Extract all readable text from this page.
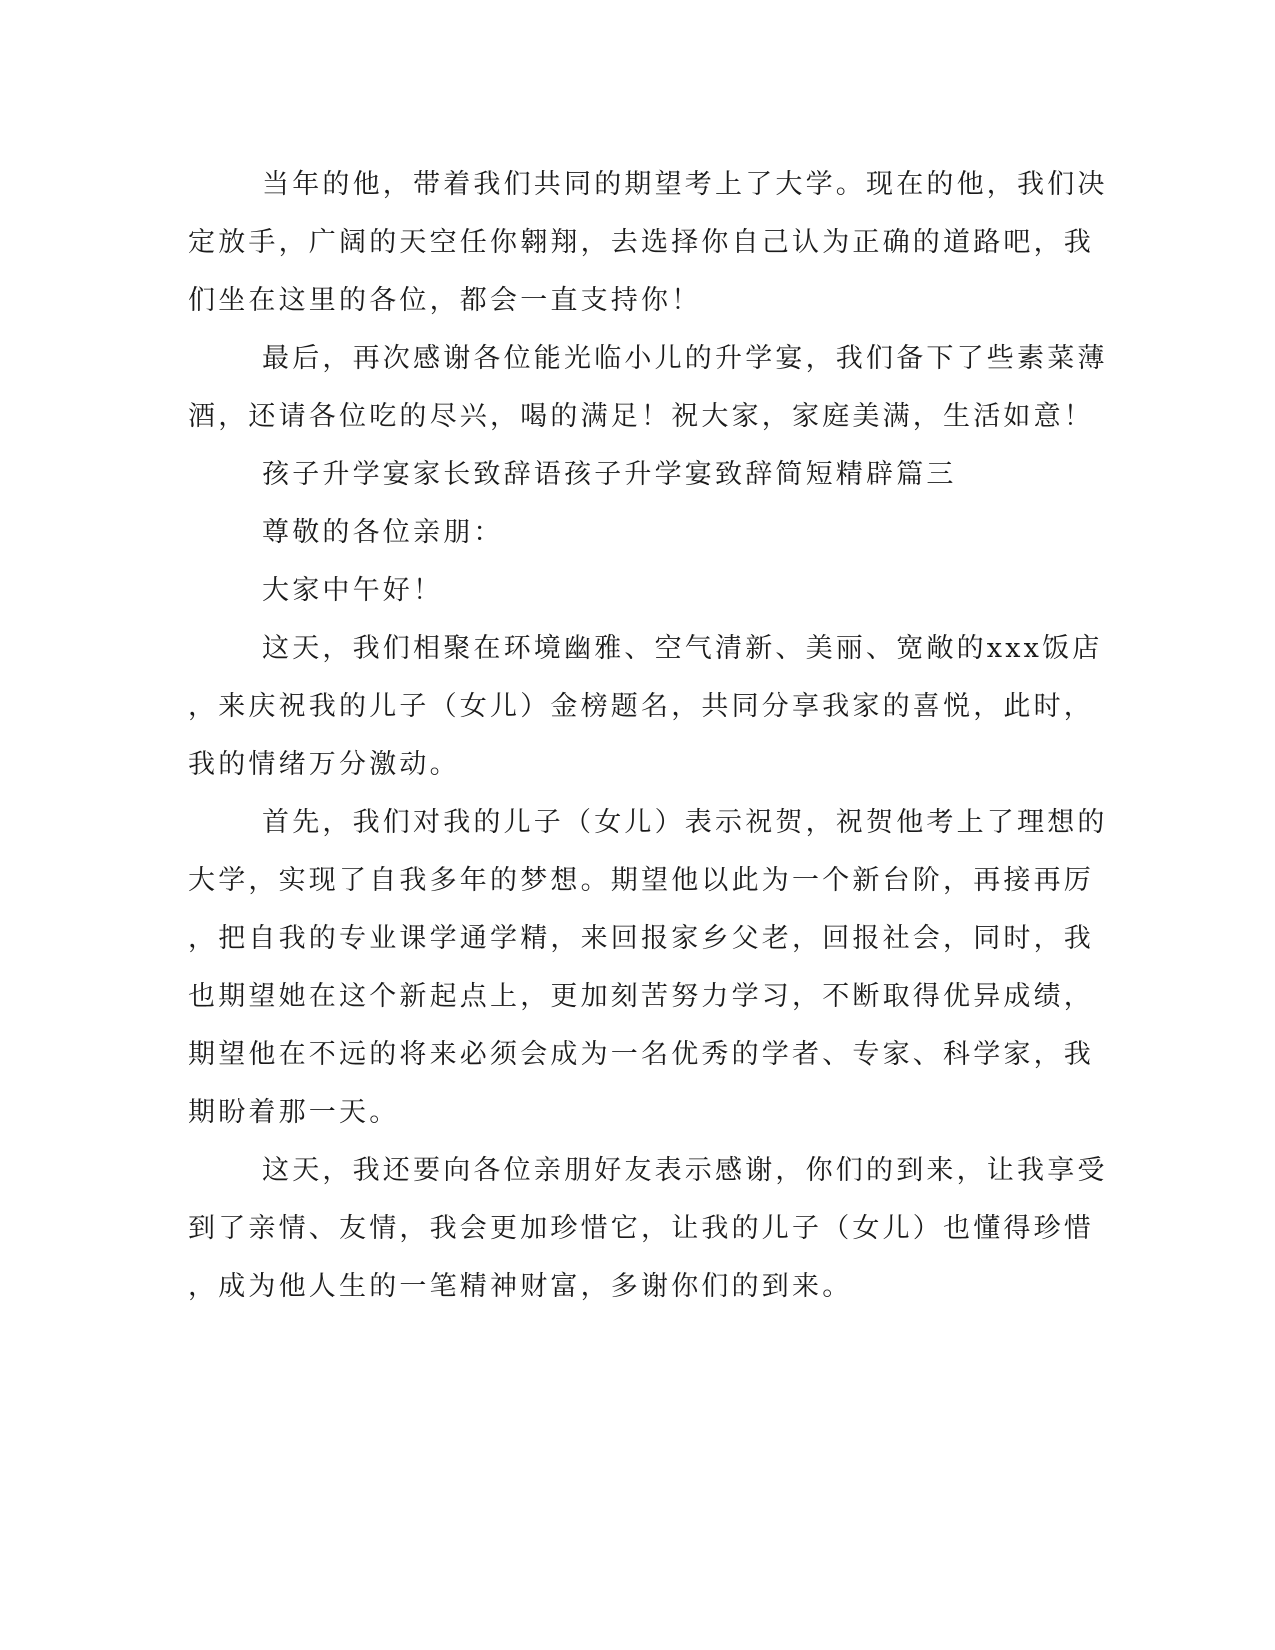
当年的他，带着我们共同的期望考上了大学。现在的他，我们决
定放手，广阔的天空任你翱翔，去选择你自己认为正确的道路吧，我
们坐在这里的各位，都会一直支持你！
最后，再次感谢各位能光临小儿的升学宴，我们备下了些素菜薄
酒，还请各位吃的尽兴，喝的满足！祝大家，家庭美满，生活如意！
孩子升学宴家长致辞语孩子升学宴致辞简短精辟篇三
尊敬的各位亲朋：
大家中午好！
这天，我们相聚在环境幽雅、空气清新、美丽、宽敞的xxx饭店
，来庆祝我的儿子（女儿）金榜题名，共同分享我家的喜悦，此时，
我的情绪万分激动。
首先，我们对我的儿子（女儿）表示祝贺，祝贺他考上了理想的
大学，实现了自我多年的梦想。期望他以此为一个新台阶，再接再厉
，把自我的专业课学通学精，来回报家乡父老，回报社会，同时，我
也期望她在这个新起点上，更加刻苦努力学习，不断取得优异成绩，
期望他在不远的将来必须会成为一名优秀的学者、专家、科学家，我
期盼着那一天。
这天，我还要向各位亲朋好友表示感谢，你们的到来，让我享受
到了亲情、友情，我会更加珍惜它，让我的儿子（女儿）也懂得珍惜
，成为他人生的一笔精神财富，多谢你们的到来。
